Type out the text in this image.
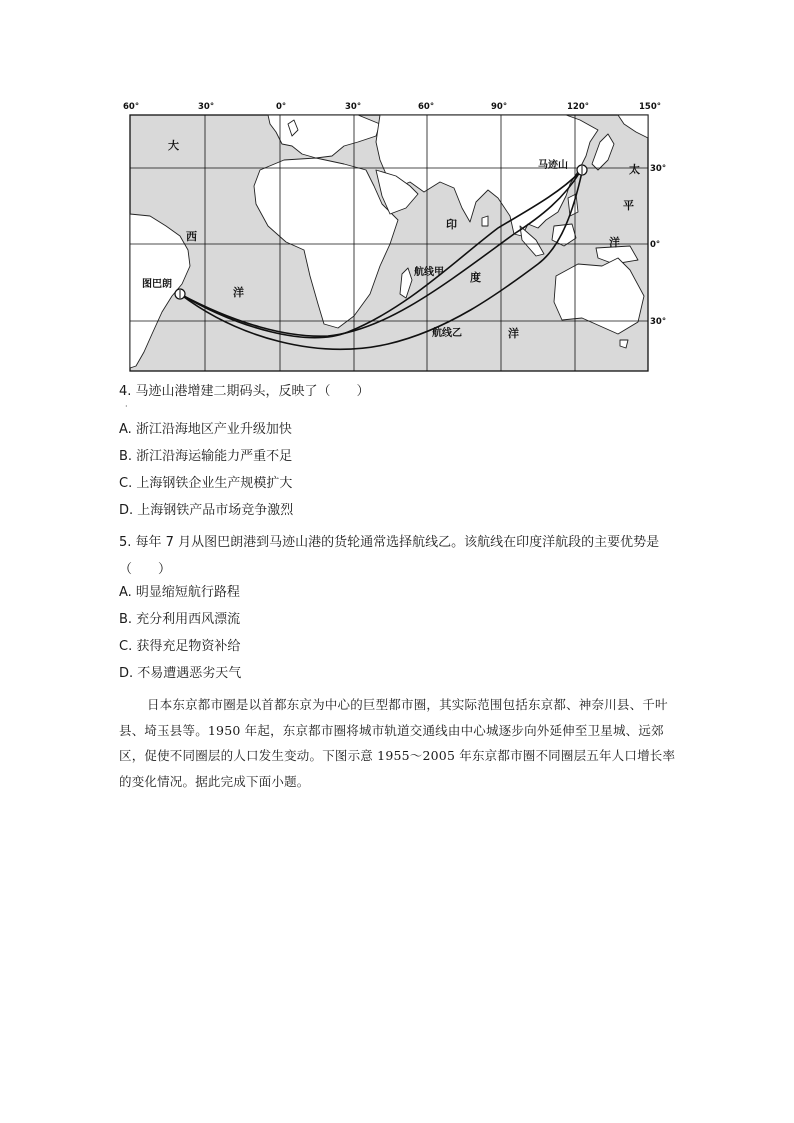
60°	30°	0°	30°	60°	90°	120°	150°
30°
0°
30°
大
西
洋
印
度
洋
太
平
洋
马迹山
图巴朗
航线甲
航线乙
4. 马迹山港增建二期码头，反映了（　　）
·
A. 浙江沿海地区产业升级加快
B. 浙江沿海运输能力严重不足
C. 上海钢铁企业生产规模扩大
D. 上海钢铁产品市场竞争激烈
5. 每年 7 月从图巴朗港到马迹山港的货轮通常选择航线乙。该航线在印度洋航段的主要优势是（　　）
A. 明显缩短航行路程
B. 充分利用西风漂流
C. 获得充足物资补给
D. 不易遭遇恶劣天气
日本东京都市圈是以首都东京为中心的巨型都市圈，其实际范围包括东京都、神奈川县、千叶县、埼玉县等。1950 年起，东京都市圈将城市轨道交通线由中心城逐步向外延伸至卫星城、远郊区，促使不同圈层的人口发生变动。下图示意 1955～2005 年东京都市圈不同圈层五年人口增长率的变化情况。据此完成下面小题。
